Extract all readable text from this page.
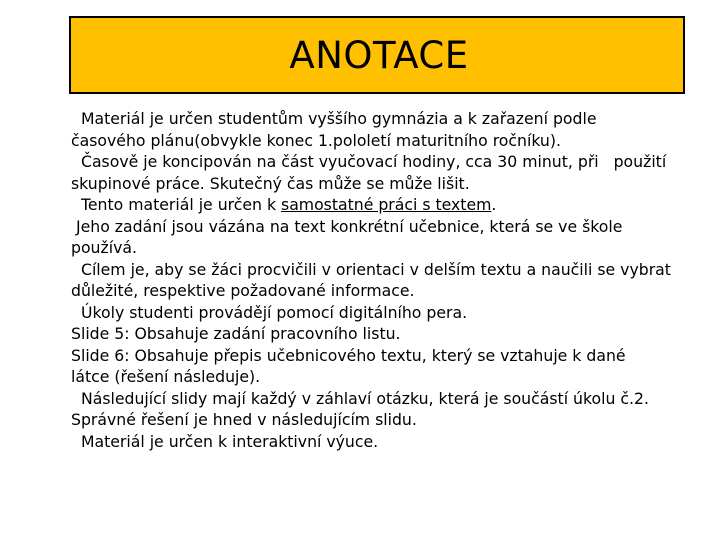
ANOTACE

Materiál je určen studentům vyššího gymnázia a k zařazení podle
časového plánu(obvykle konec 1.pololetí maturitního ročníku).

Časově je koncipován na část vyučovací hodiny, cca 30 minut, při   použití
skupinové práce. Skutečný čas může se může lišit.

Tento materiál je určen k samostatné práci s textem.

Jeho zadání jsou vázána na text konkrétní učebnice, která se ve škole
používá.

Cílem je, aby se žáci procvičili v orientaci v delším textu a naučili se vybrat
důležité, respektive požadované informace.

Úkoly studenti provádějí pomocí digitálního pera.

Slide 5: Obsahuje zadání pracovního listu.

Slide 6: Obsahuje přepis učebnicového textu, který se vztahuje k dané
látce (řešení následuje).

Následující slidy mají každý v záhlaví otázku, která je součástí úkolu č.2.
Správné řešení je hned v následujícím slidu.

Materiál je určen k interaktivní výuce.
